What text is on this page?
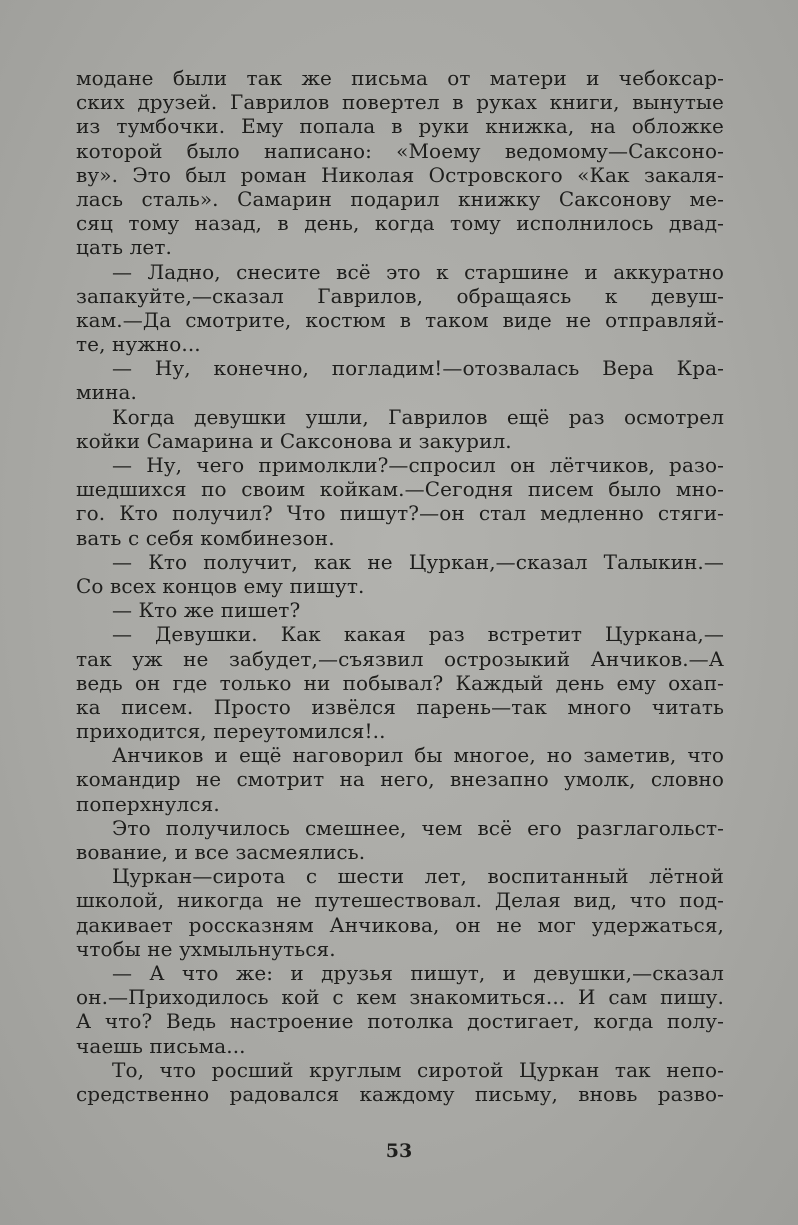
модане были так же письма от матери и чебоксар-
ских друзей. Гаврилов повертел в руках книги, вынутые
из тумбочки. Ему попала в руки книжка, на обложке
которой было написано: «Моему ведомому—Саксоно-
ву». Это был роман Николая Островского «Как закаля-
лась сталь». Самарин подарил книжку Саксонову ме-
сяц тому назад, в день, когда тому исполнилось двад-
цать лет.
— Ладно, снесите всё это к старшине и аккуратно
запакуйте,—сказал Гаврилов, обращаясь к девуш-
кам.—Да смотрите, костюм в таком виде не отправляй-
те, нужно...
— Ну, конечно, погладим!—отозвалась Вера Кра-
мина.
Когда девушки ушли, Гаврилов ещё раз осмотрел
койки Самарина и Саксонова и закурил.
— Ну, чего примолкли?—спросил он лётчиков, разо-
шедшихся по своим койкам.—Сегодня писем было мно-
го. Кто получил? Что пишут?—он стал медленно стяги-
вать с себя комбинезон.
— Кто получит, как не Цуркан,—сказал Талыкин.—
Со всех концов ему пишут.
— Кто же пишет?
— Девушки. Как какая раз встретит Цуркана,—
так уж не забудет,—съязвил острозыкий Анчиков.—А
ведь он где только ни побывал? Каждый день ему охап-
ка писем. Просто извёлся парень—так много читать
приходится, переутомился!..
Анчиков и ещё наговорил бы многое, но заметив, что
командир не смотрит на него, внезапно умолк, словно
поперхнулся.
Это получилось смешнее, чем всё его разглагольст-
вование, и все засмеялись.
Цуркан—сирота с шести лет, воспитанный лётной
школой, никогда не путешествовал. Делая вид, что под-
дакивает россказням Анчикова, он не мог удержаться,
чтобы не ухмыльнуться.
— А что же: и друзья пишут, и девушки,—сказал
он.—Приходилось кой с кем знакомиться... И сам пишу.
А что? Ведь настроение потолка достигает, когда полу-
чаешь письма...
То, что росший круглым сиротой Цуркан так непо-
средственно радовался каждому письму, вновь разво-
53
